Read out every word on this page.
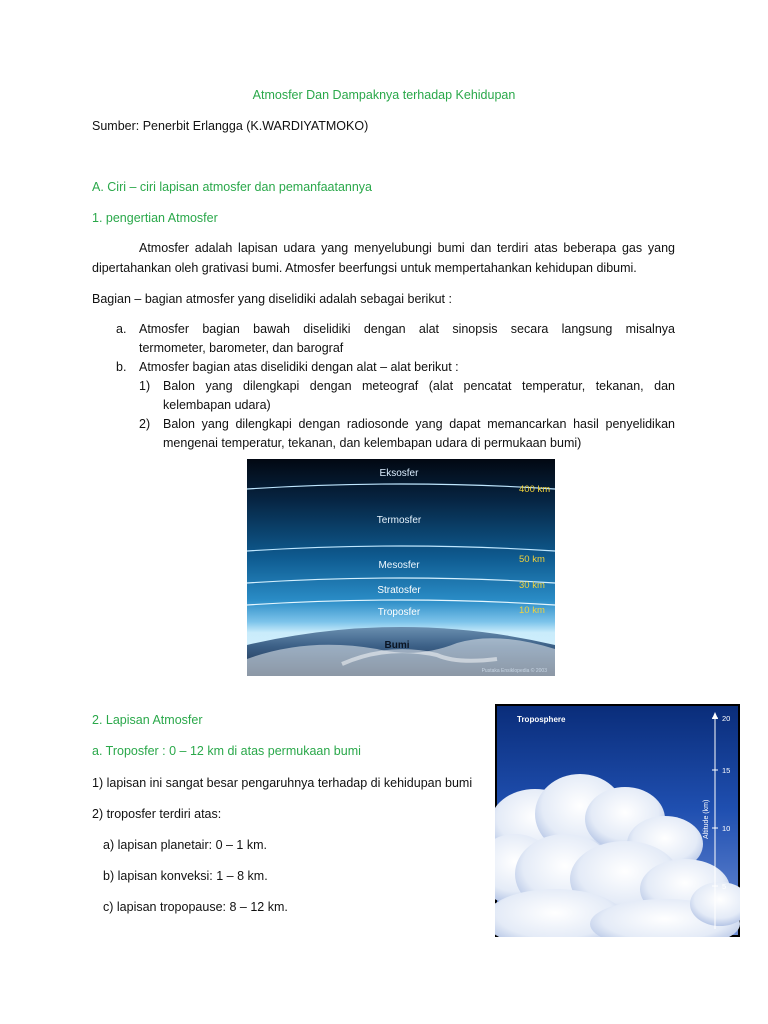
Atmosfer Dan Dampaknya terhadap Kehidupan
Sumber: Penerbit Erlangga (K.WARDIYATMOKO)
A. Ciri – ciri lapisan atmosfer dan pemanfaatannya
1. pengertian Atmosfer
Atmosfer adalah lapisan udara yang menyelubungi bumi dan terdiri atas beberapa gas yang
dipertahankan oleh grativasi bumi. Atmosfer beerfungsi untuk mempertahankan kehidupan dibumi.
Bagian – bagian atmosfer yang diselidiki adalah sebagai berikut :
a. Atmosfer bagian bawah diselidiki dengan alat sinopsis secara langsung misalnya
termometer, barometer, dan barograf
b. Atmosfer bagian atas diselidiki dengan alat – alat berikut :
1) Balon yang dilengkapi dengan meteograf (alat pencatat temperatur, tekanan, dan
kelembapan udara)
2) Balon yang dilengkapi dengan radiosonde yang dapat memancarkan hasil penyelidikan
mengenai temperatur, tekanan, dan kelembapan udara di permukaan bumi)
Eksosfer
Termosfer
Mesosfer
Stratosfer
Troposfer
400 km
50 km
30 km
10 km
Bumi
Pustaka Ensiklopedia © 2003
2. Lapisan Atmosfer
a. Troposfer : 0 – 12 km di atas permukaan bumi
1) lapisan ini sangat besar pengaruhnya terhadap di kehidupan bumi
2) troposfer terdiri atas:
a) lapisan planetair: 0 – 1 km.
b) lapisan konveksi: 1 – 8 km.
c) lapisan tropopause: 8 – 12 km.
Troposphere	20
15
10
5
Altitude (km)
